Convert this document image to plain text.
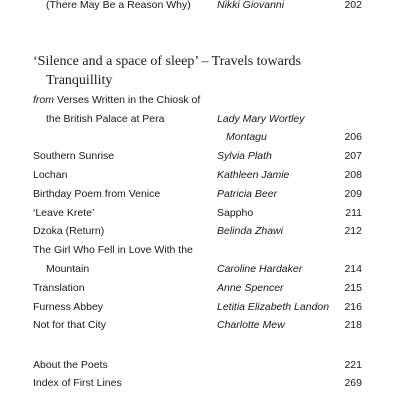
(There May Be a Reason Why)	Nikki Giovanni	202
‘Silence and a space of sleep’ – Travels towards
Tranquillity
from Verses Written in the Chiosk of
the British Palace at Pera	Lady Mary Wortley
Montagu	206
Southern Sunrise	Sylvia Plath	207
Lochan	Kathleen Jamie	208
Birthday Poem from Venice	Patricia Beer	209
‘Leave Krete’	Sappho	211
Dzoka (Return)	Belinda Zhawi	212
The Girl Who Fell in Love With the
Mountain	Caroline Hardaker	214
Translation	Anne Spencer	215
Furness Abbey	Letitia Elizabeth Landon 216
Not for that City	Charlotte Mew	218
About the Poets	221
Index of First Lines	269
